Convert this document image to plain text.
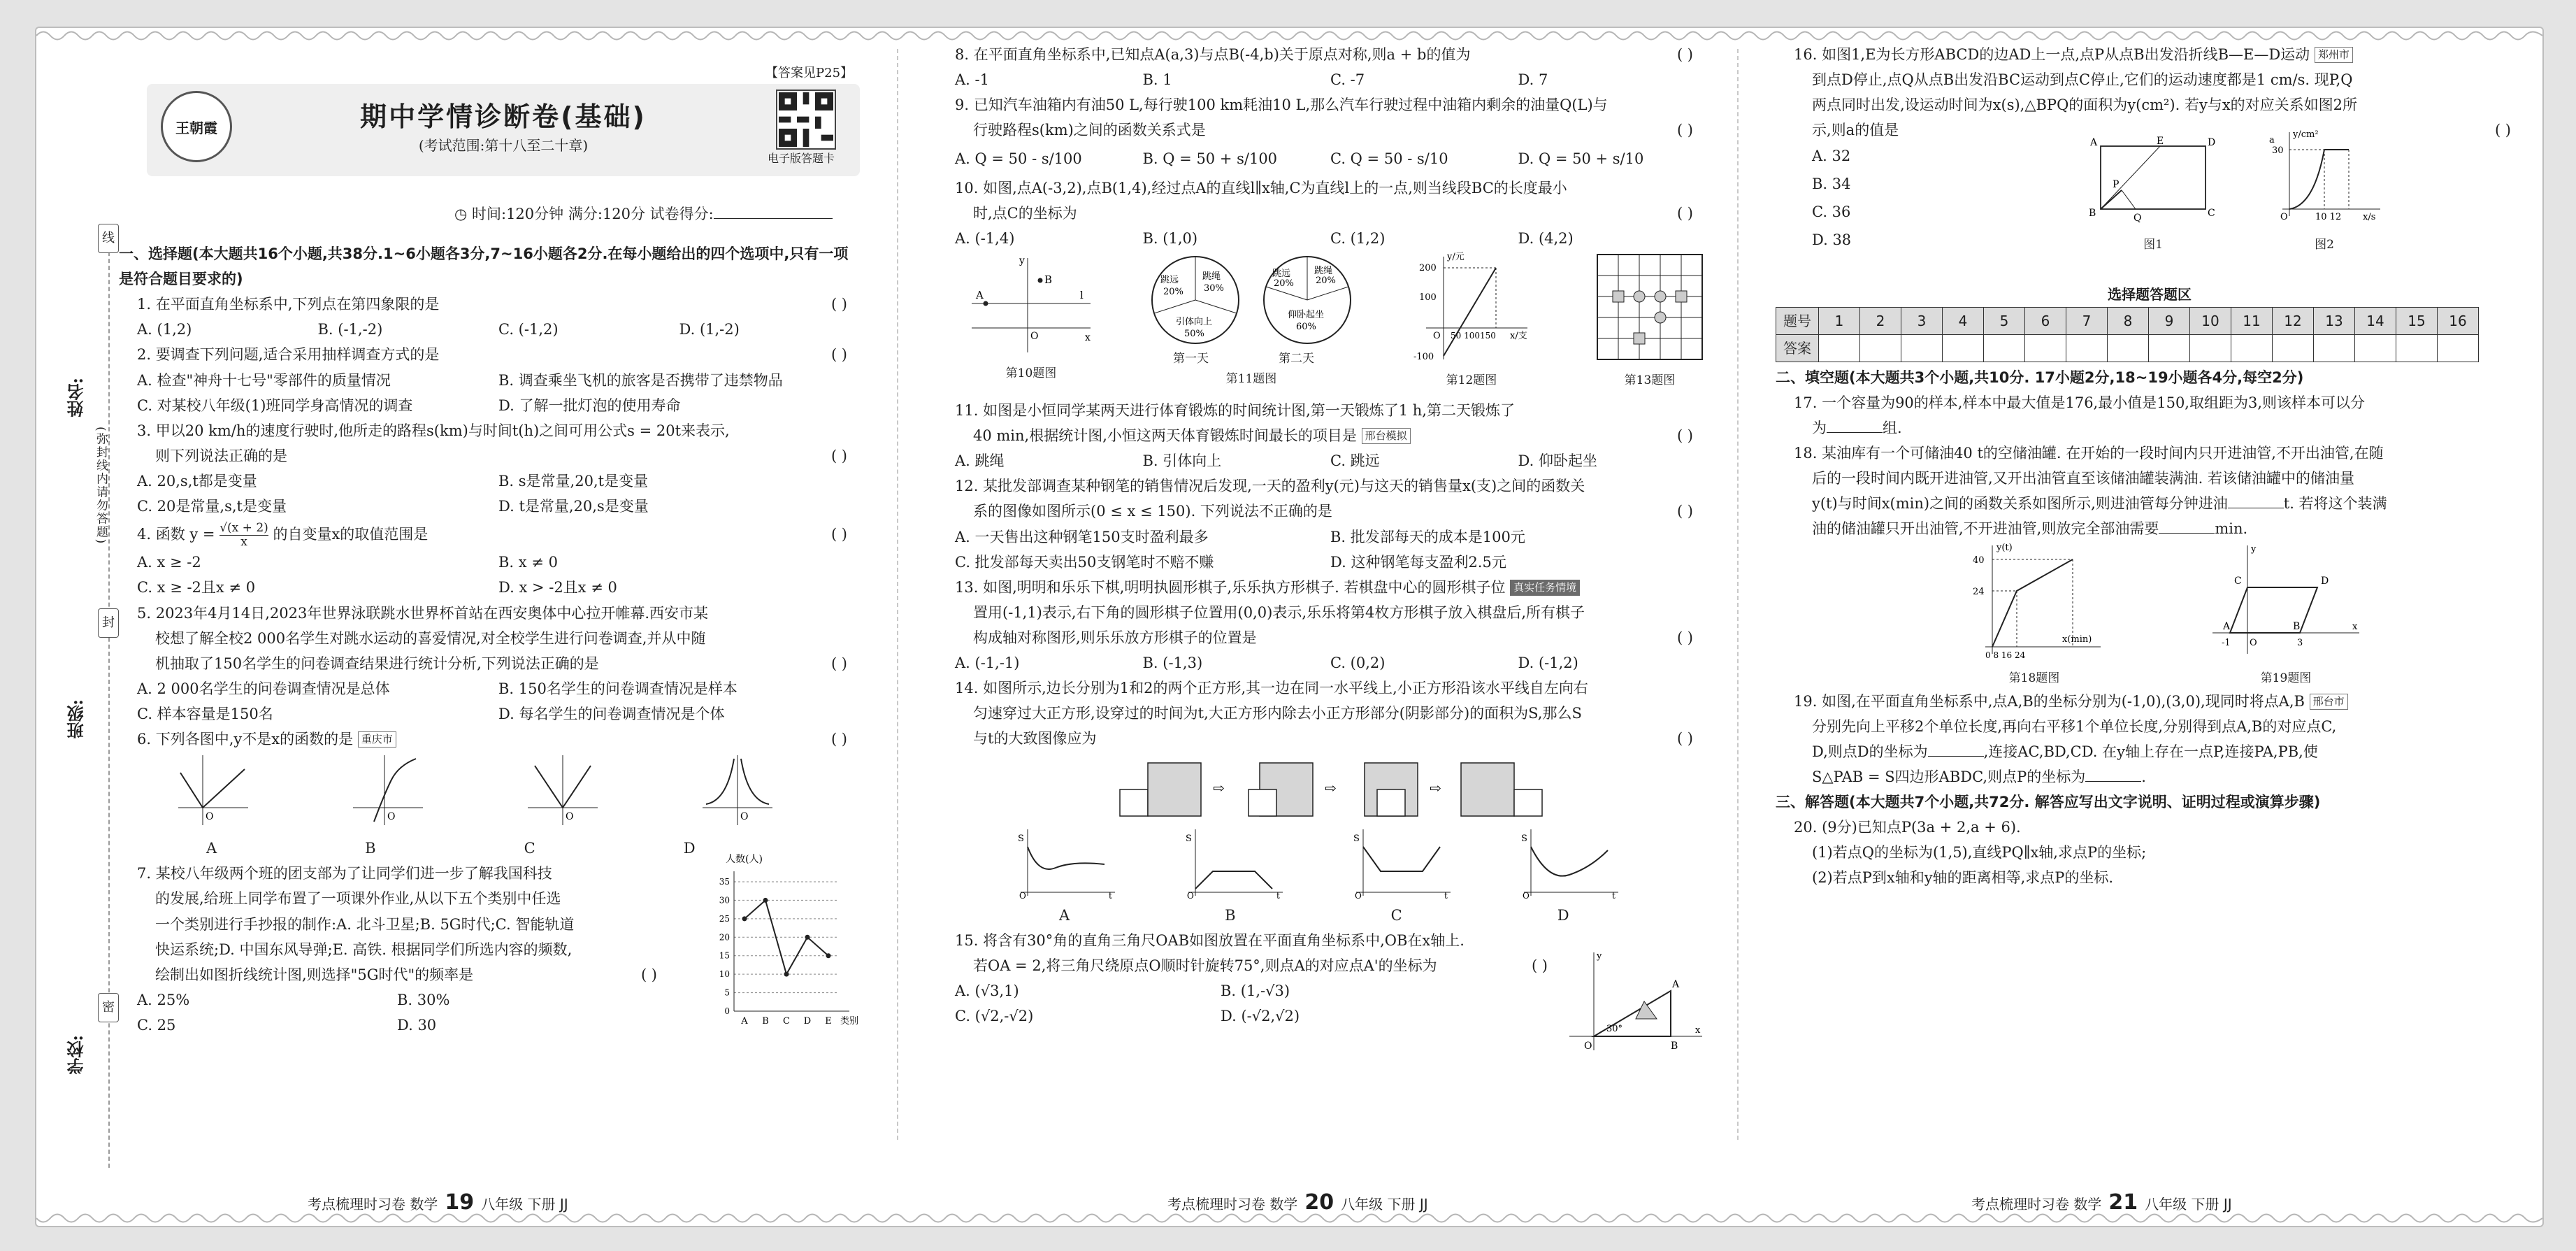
线
封
密
姓名:
班级:
学校:
(弥封线内请勿答题)
【答案见P25】
期中学情诊断卷(基础)
(考试范围:第十八至二十章)
王朝霞
电子版答题卡
◷ 时间:120分钟 满分:120分 试卷得分:

一、选择题(本大题共16个小题,共38分.1~6小题各3分,7~16小题各2分.在每小题给出的四个选项中,只有一项是符合题目要求的)

1. 在平面直角坐标系中,下列点在第四象限的是	( )

A. (1,2)	B. (-1,-2)	C. (-1,2)	D. (1,-2)

2. 要调查下列问题,适合采用抽样调查方式的是	( )

A. 检查"神舟十七号"零部件的质量情况	B. 调查乘坐飞机的旅客是否携带了违禁物品
C. 对某校八年级(1)班同学身高情况的调查	D. 了解一批灯泡的使用寿命

3. 甲以20 km/h的速度行驶时,他所走的路程s(km)与时间t(h)之间可用公式s = 20t来表示,

则下列说法正确的是	( )

A. 20,s,t都是变量	B. s是常量,20,t是变量
C. 20是常量,s,t是变量	D. t是常量,20,s是变量

4. 函数 $y = \frac{√(x + 2)}{x}$ 的自变量x的取值范围是	( )

A. x ≥ -2	B. x ≠ 0
C. x ≥ -2且x ≠ 0	D. x > -2且x ≠ 0

5. 2023年4月14日,2023年世界泳联跳水世界杯首站在西安奥体中心拉开帷幕.西安市某

校想了解全校2 000名学生对跳水运动的喜爱情况,对全校学生进行问卷调查,并从中随

机抽取了150名学生的问卷调查结果进行统计分析,下列说法正确的是	( )

A. 2 000名学生的问卷调查情况是总体	B. 150名学生的问卷调查情况是样本
C. 样本容量是150名	D. 每名学生的问卷调查情况是个体

6. 下列各图中,y不是x的函数的是 重庆市	( )

O	O	O	O
A	B	C	D

7. 某校八年级两个班的团支部为了让同学们进一步了解我国科技

的发展,给班上同学布置了一项课外作业,从以下五个类别中任选

一个类别进行手抄报的制作:A. 北斗卫星;B. 5G时代;C. 智能轨道

快运系统;D. 中国东风导弹;E. 高铁. 根据同学们所选内容的频数,

绘制出如图折线统计图,则选择"5G时代"的频率是	( )

A. 25%	B. 30%
C. 25	D. 30
0
5
10
15
20
25
30
35
人数(人)
类别
A B C D E

8. 在平面直角坐标系中,已知点A(a,3)与点B(-4,b)关于原点对称,则a + b的值为	( )

A. -1	B. 1	C. -7	D. 7

9. 已知汽车油箱内有油50 L,每行驶100 km耗油10 L,那么汽车行驶过程中油箱内剩余的油量Q(L)与

行驶路程s(km)之间的函数关系式是	( )

A. Q = 50 - s/100	B. Q = 50 + s/100	C. Q = 50 - s/10	D. Q = 50 + s/10

10. 如图,点A(-3,2),点B(1,4),经过点A的直线l∥x轴,C为直线l上的一点,则当线段BC的长度最小

时,点C的坐标为	( )

A. (-1,4)	B. (1,0)	C. (1,2)	D. (4,2)
A
B
l
O	x
y
第10题图
跳远
20%
跳绳
30%
引体向上
50%
跳远
20%
跳绳
20%
仰卧起坐
60%
第一天	第二天
第11题图
y/元
200
100
-100
O 50 100150 x/支
第12题图	第13题图

11. 如图是小恒同学某两天进行体育锻炼的时间统计图,第一天锻炼了1 h,第二天锻炼了

40 min,根据统计图,小恒这两天体育锻炼时间最长的项目是 邢台模拟	( )

A. 跳绳	B. 引体向上	C. 跳远	D. 仰卧起坐

12. 某批发部调查某种钢笔的销售情况后发现,一天的盈利y(元)与这天的销售量x(支)之间的函数关

系的图像如图所示(0 ≤ x ≤ 150). 下列说法不正确的是	( )

A. 一天售出这种钢笔150支时盈利最多	B. 批发部每天的成本是100元
C. 批发部每天卖出50支钢笔时不赔不赚	D. 这种钢笔每支盈利2.5元

13. 如图,明明和乐乐下棋,明明执圆形棋子,乐乐执方形棋子. 若棋盘中心的圆形棋子位 真实任务情境

置用(-1,1)表示,右下角的圆形棋子位置用(0,0)表示,乐乐将第4枚方形棋子放入棋盘后,所有棋子

构成轴对称图形,则乐乐放方形棋子的位置是	( )

A. (-1,-1)	B. (-1,3)	C. (0,2)	D. (-1,2)

14. 如图所示,边长分别为1和2的两个正方形,其一边在同一水平线上,小正方形沿该水平线自左向右

匀速穿过大正方形,设穿过的时间为t,大正方形内除去小正方形部分(阴影部分)的面积为S,那么S

与t的大致图像应为	( )

⇨	⇨	⇨
S
O	t
S
O	t
S
O	t
S
O	t
A	B	C	D

15. 将含有30°角的直角三角尺OAB如图放置在平面直角坐标系中,OB在x轴上.

若OA = 2,将三角尺绕原点O顺时针旋转75°,则点A的对应点A'的坐标为	( )

A. (√3,1)	B. (1,-√3)
C. (√2,-√2)	D. (-√2,√2)
O	B
A
30°	x
y

16. 如图1,E为长方形ABCD的边AD上一点,点P从点B出发沿折线B—E—D运动 郑州市

到点D停止,点Q从点B出发沿BC运动到点C停止,它们的运动速度都是1 cm/s. 现P,Q

两点同时出发,设运动时间为x(s),△BPQ的面积为y(cm²). 若y与x的对应关系如图2所

示,则a的值是	( )

A. 32
B. 34
C. 36
D. 38
A	E	D
B	C
P
Q
图1
y/cm²
a
30
O	10 12 x/s
图2
选择题答题区
题号	1	2	3	4	5	6	7	8	9	10	11	12	13	14	15	16
答案																

二、填空题(本大题共3个小题,共10分. 17小题2分,18~19小题各4分,每空2分)

17. 一个容量为90的样本,样本中最大值是176,最小值是150,取组距为3,则该样本可以分

为	组.

18. 某油库有一个可储油40 t的空储油罐. 在开始的一段时间内只开进油管,不开出油管,在随

后的一段时间内既开进油管,又开出油管直至该储油罐装满油. 若该储油罐中的储油量

y(t)与时间x(min)之间的函数关系如图所示,则进油管每分钟进油	t. 若将这个装满

油的储油罐只开出油管,不开进油管,则放完全部油需要	min.

y(t)
40
24
0 8 16 24
x(min)
第18题图
C	D
A	B
-1 O	3
x
y
第19题图

19. 如图,在平面直角坐标系中,点A,B的坐标分别为(-1,0),(3,0),现同时将点A,B 邢台市

分别先向上平移2个单位长度,再向右平移1个单位长度,分别得到点A,B的对应点C,

D,则点D的坐标为	,连接AC,BD,CD. 在y轴上存在一点P,连接PA,PB,使

S△PAB = S四边形ABDC,则点P的坐标为	.

三、解答题(本大题共7个小题,共72分. 解答应写出文字说明、证明过程或演算步骤)

20. (9分)已知点P(3a + 2,a + 6).

(1)若点Q的坐标为(1,5),直线PQ∥x轴,求点P的坐标;

(2)若点P到x轴和y轴的距离相等,求点P的坐标.

考点梳理时习卷 数学 19 八年级 下册 JJ	考点梳理时习卷 数学 20 八年级 下册 JJ	考点梳理时习卷 数学 21 八年级 下册 JJ
